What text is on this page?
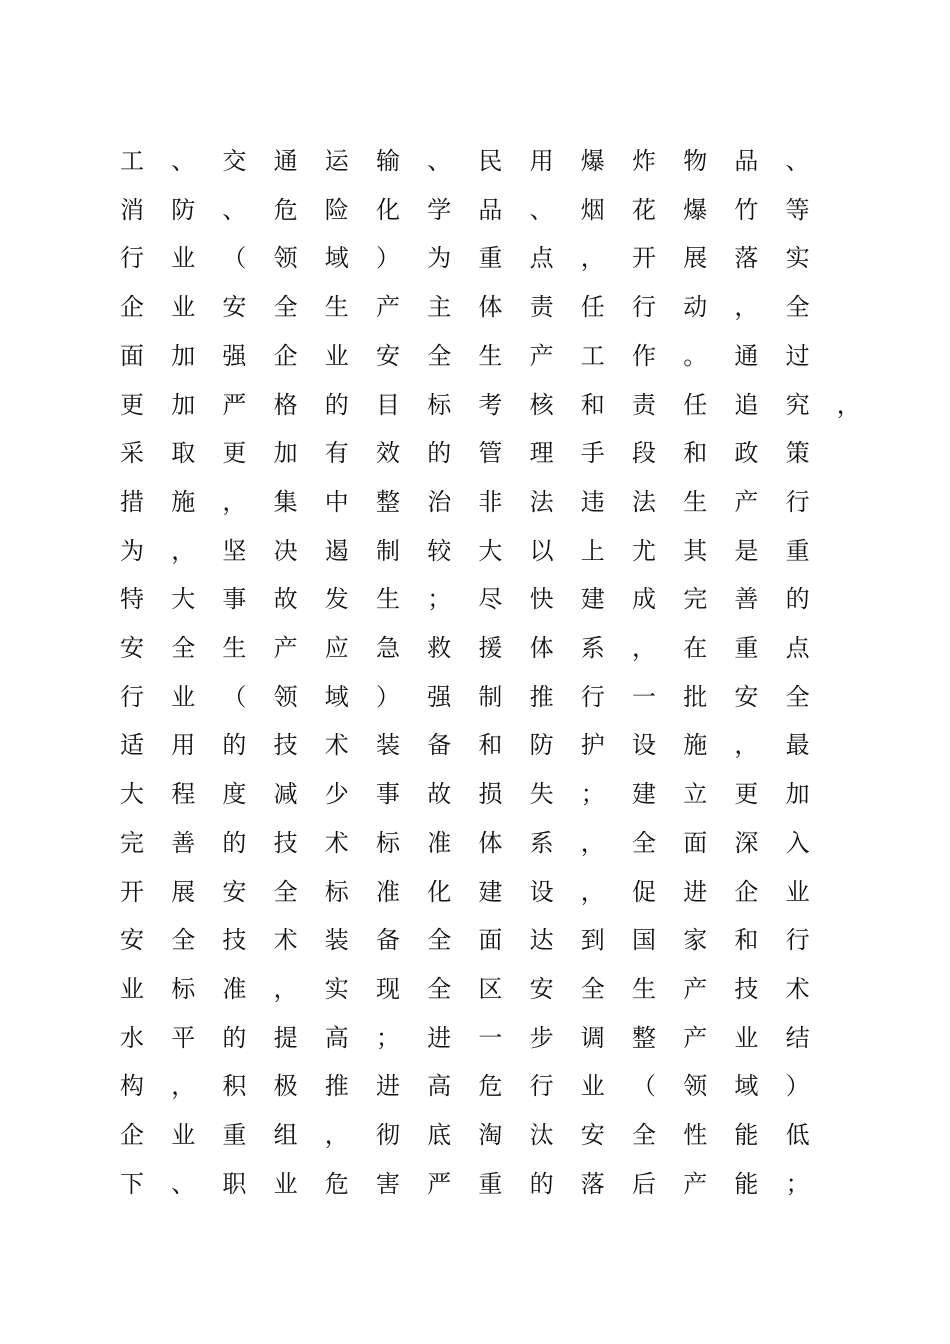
工	、	交	通	运	输	、	民	用	爆	炸	物	品	、
消	防	、	危	险	化	学	品	、	烟	花	爆	竹	等
行	业	（	领	域	）	为	重	点	，	开	展	落	实
企	业	安	全	生	产	主	体	责	任	行	动	，	全
面	加	强	企	业	安	全	生	产	工	作	。	通	过
更	加	严	格	的	目	标	考	核	和	责	任	追	究	，
采	取	更	加	有	效	的	管	理	手	段	和	政	策
措	施	，	集	中	整	治	非	法	违	法	生	产	行
为	，	坚	决	遏	制	较	大	以	上	尤	其	是	重
特	大	事	故	发	生	；	尽	快	建	成	完	善	的
安	全	生	产	应	急	救	援	体	系	，	在	重	点
行	业	（	领	域	）	强	制	推	行	一	批	安	全
适	用	的	技	术	装	备	和	防	护	设	施	，	最
大	程	度	减	少	事	故	损	失	；	建	立	更	加
完	善	的	技	术	标	准	体	系	，	全	面	深	入
开	展	安	全	标	准	化	建	设	，	促	进	企	业
安	全	技	术	装	备	全	面	达	到	国	家	和	行
业	标	准	，	实	现	全	区	安	全	生	产	技	术
水	平	的	提	高	；	进	一	步	调	整	产	业	结
构	，	积	极	推	进	高	危	行	业	（	领	域	）
企	业	重	组	，	彻	底	淘	汰	安	全	性	能	低
下	、	职	业	危	害	严	重	的	落	后	产	能	；
